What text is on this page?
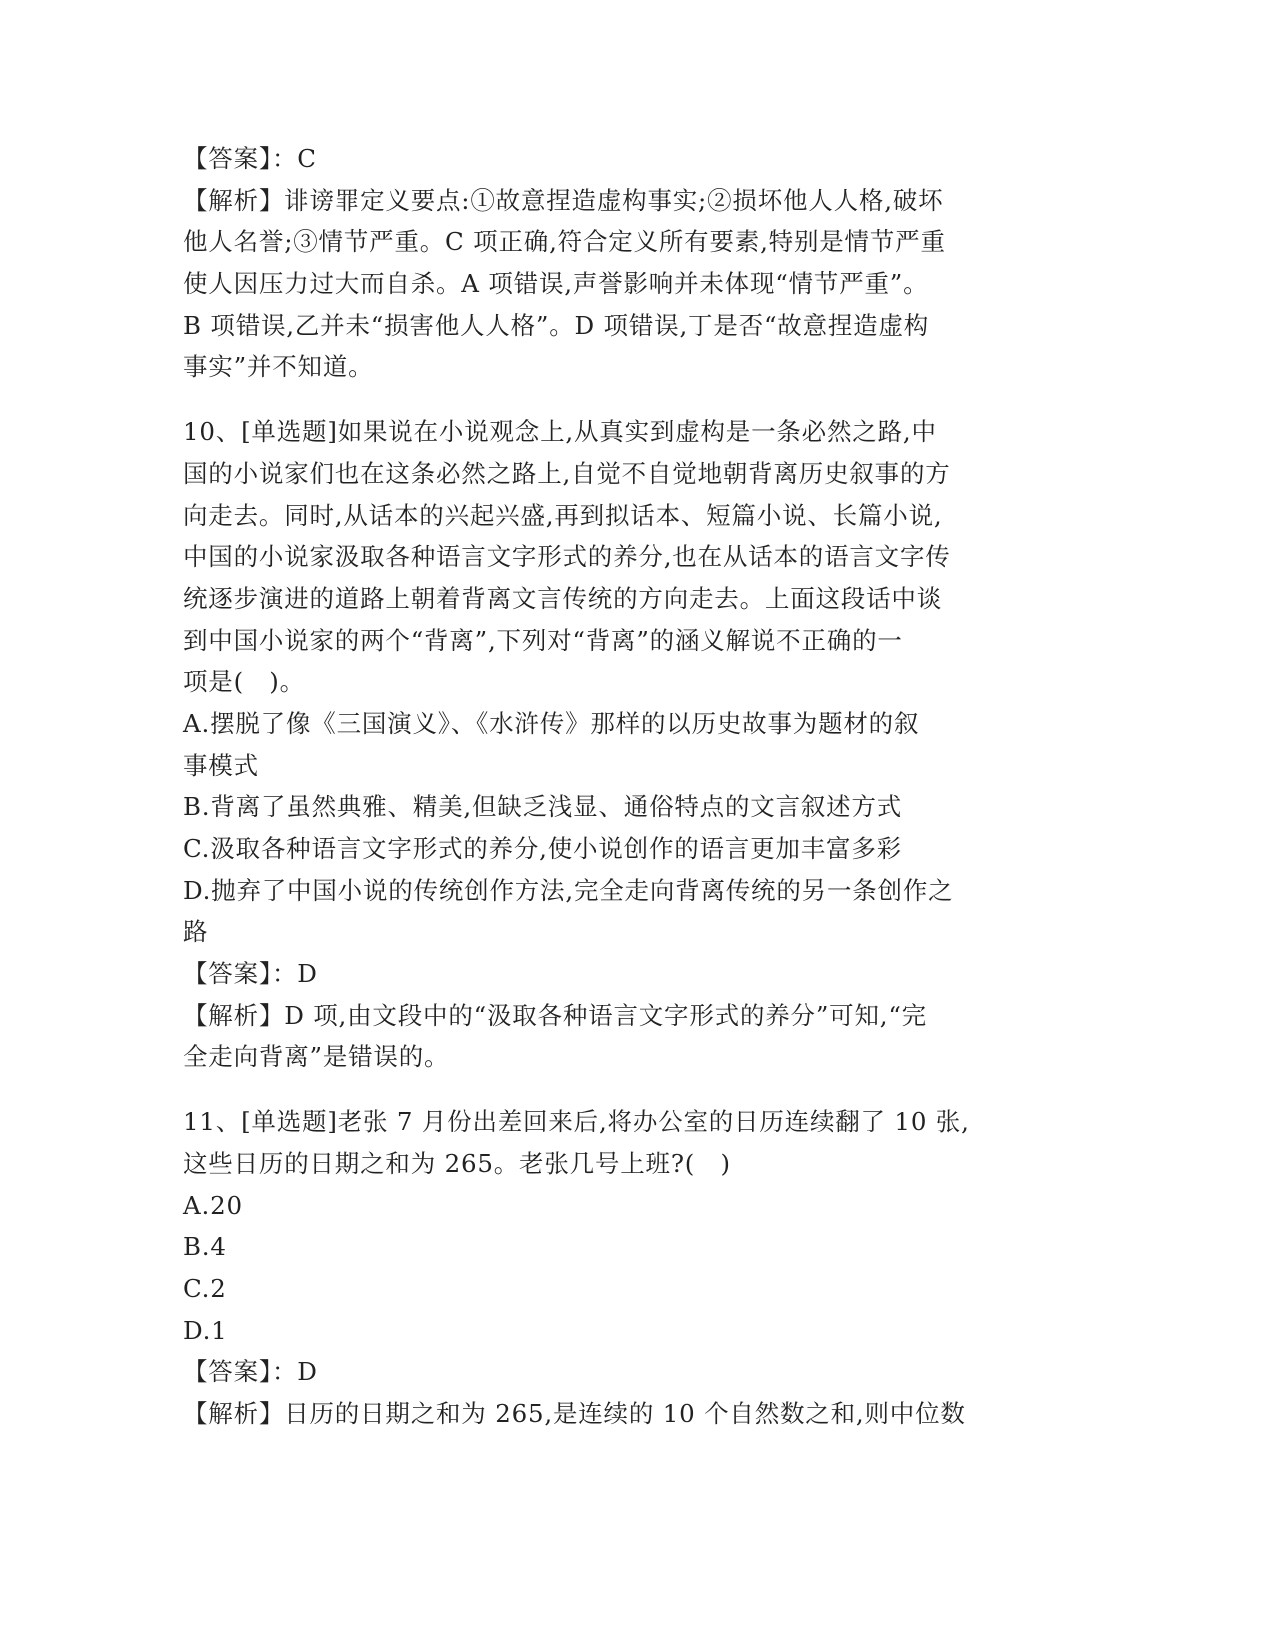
【答案】：C
【解析】诽谤罪定义要点:①故意捏造虚构事实;②损坏他人人格,破坏
他人名誉;③情节严重。C 项正确,符合定义所有要素,特别是情节严重
使人因压力过大而自杀。A 项错误,声誉影响并未体现“情节严重”。
B 项错误,乙并未“损害他人人格”。D 项错误,丁是否“故意捏造虚构
事实”并不知道。
10、[单选题]如果说在小说观念上,从真实到虚构是一条必然之路,中
国的小说家们也在这条必然之路上,自觉不自觉地朝背离历史叙事的方
向走去。同时,从话本的兴起兴盛,再到拟话本、短篇小说、长篇小说,
中国的小说家汲取各种语言文字形式的养分,也在从话本的语言文字传
统逐步演进的道路上朝着背离文言传统的方向走去。上面这段话中谈
到中国小说家的两个“背离”,下列对“背离”的涵义解说不正确的一
项是(　)。
A.摆脱了像《三国演义》、《水浒传》那样的以历史故事为题材的叙
事模式
B.背离了虽然典雅、精美,但缺乏浅显、通俗特点的文言叙述方式
C.汲取各种语言文字形式的养分,使小说创作的语言更加丰富多彩
D.抛弃了中国小说的传统创作方法,完全走向背离传统的另一条创作之
路
【答案】：D
【解析】D 项,由文段中的“汲取各种语言文字形式的养分”可知,“完
全走向背离”是错误的。
11、[单选题]老张 7 月份出差回来后,将办公室的日历连续翻了 10 张,
这些日历的日期之和为 265。老张几号上班?(　)
A.20
B.4
C.2
D.1
【答案】：D
【解析】日历的日期之和为 265,是连续的 10 个自然数之和,则中位数
